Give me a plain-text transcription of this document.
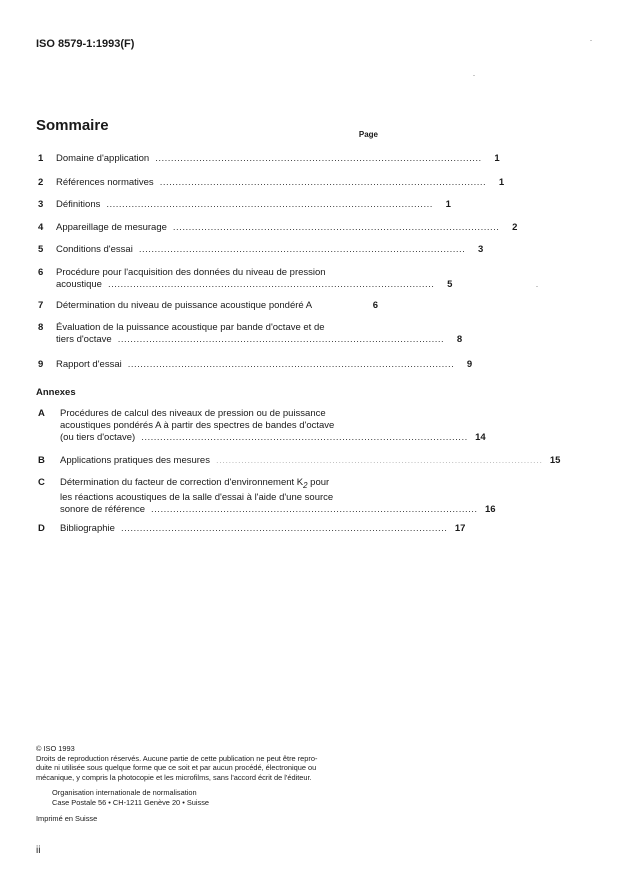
ISO 8579-1:1993(F)
Sommaire
Page
1 Domaine d'application ........................................................................................................	1
2 Références normatives ........................................................................................................	1
3 Définitions ........................................................................................................	1
4 Appareillage de mesurage ........................................................................................................	2
5 Conditions d'essai ........................................................................................................	3
6 Procédure pour l'acquisition des données du niveau de pression
acoustique ........................................................................................................	5
7 Détermination du niveau de puissance acoustique pondéré A	6
8 Évaluation de la puissance acoustique par bande d'octave et de
tiers d'octave ........................................................................................................	8
9 Rapport d'essai ........................................................................................................	9
Annexes
A Procédures de calcul des niveaux de pression ou de puissance
acoustiques pondérés A à partir des spectres de bandes d'octave
(ou tiers d'octave) ........................................................................................................ 14
B Applications pratiques des mesures ........................................................................................................ 15
C Détermination du facteur de correction d'environnement $K_2$ pour
les réactions acoustiques de la salle d'essai à l'aide d'une source
sonore de référence ........................................................................................................ 16
D Bibliographie ........................................................................................................ 17
© ISO 1993
Droits de reproduction réservés. Aucune partie de cette publication ne peut être repro-
duite ni utilisée sous quelque forme que ce soit et par aucun procédé, électronique ou
mécanique, y compris la photocopie et les microfilms, sans l'accord écrit de l'éditeur.
Organisation internationale de normalisation
Case Postale 56 • CH-1211 Genève 20 • Suisse
Imprimé en Suisse
ii
